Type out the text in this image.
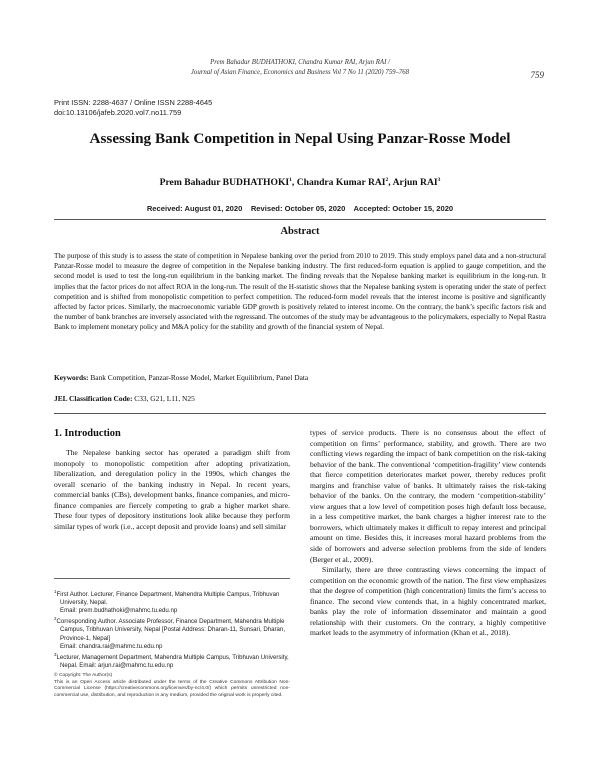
Prem Bahadur BUDHATHOKI, Chandra Kumar RAI, Arjun RAI /
Journal of Asian Finance, Economics and Business Vol 7 No 11 (2020) 759–768	759
Print ISSN: 2288-4637 / Online ISSN 2288-4645
doi:10.13106/jafeb.2020.vol7.no11.759
Assessing Bank Competition in Nepal Using Panzar-Rosse Model
Prem Bahadur BUDHATHOKI$^1$, Chandra Kumar RAI$^2$, Arjun RAI$^3$
Received: August 01, 2020 Revised: October 05, 2020 Accepted: October 15, 2020
Abstract
The purpose of this study is to assess the state of competition in Nepalese banking over the period from 2010 to 2019. This study employs panel data and a non-structural Panzar-Rosse model to measure the degree of competition in the Nepalese banking industry. The first reduced-form equation is applied to gauge competition, and the second model is used to test the long-run equilibrium in the banking market. The finding reveals that the Nepalese banking market is equilibrium in the long-run. It implies that the factor prices do not affect ROA in the long-run. The result of the H-statistic shows that the Nepalese banking system is operating under the state of perfect competition and is shifted from monopolistic competition to perfect competition. The reduced-form model reveals that the interest income is positive and significantly affected by factor prices. Similarly, the macroeconomic variable GDP growth is positively related to interest income. On the contrary, the bank’s specific factors risk and the number of bank branches are inversely associated with the regressand. The outcomes of the study may be advantageous to the policymakers, especially to Nepal Rastra Bank to implement monetary policy and M&A policy for the stability and growth of the financial system of Nepal.
Keywords: Bank Competition, Panzar-Rosse Model, Market Equilibrium, Panel Data
JEL Classification Code: C33, G21, L11, N25
1. Introduction

The Nepalese banking sector has operated a paradigm shift from monopoly to monopolistic competition after adopting privatization, liberalization, and deregulation policy in the 1990s, which changes the overall scenario of the banking industry in Nepal. In recent years, commercial banks (CBs), development banks, finance companies, and micro-finance companies are fiercely competing to grab a higher market share. These four types of depository institutions look alike because they perform similar types of work (i.e., accept deposit and provide loans) and sell similar

types of service products. There is no consensus about the effect of competition on firms’ performance, stability, and growth. There are two conflicting views regarding the impact of bank competition on the risk-taking behavior of the bank. The conventional ‘competition-fragility’ view contends that fierce competition deteriorates market power, thereby reduces profit margins and franchise value of banks. It ultimately raises the risk-taking behavior of the banks. On the contrary, the modern ‘competition-stability’ view argues that a low level of competition poses high default loss because, in a less competitive market, the bank charges a higher interest rate to the borrowers, which ultimately makes it difficult to repay interest and principal amount on time. Besides this, it increases moral hazard problems from the side of borrowers and adverse selection problems from the side of lenders (Berger et al., 2009).

Similarly, there are three contrasting views concerning the impact of competition on the economic growth of the nation. The first view emphasizes that the degree of competition (high concentration) limits the firm’s access to finance. The second view contends that, in a highly concentrated market, banks play the role of information disseminator and maintain a good relationship with their customers. On the contrary, a highly competitive market leads to the asymmetry of information (Khan et al., 2018).

$^1$First Author. Lecturer, Finance Department, Mahendra Multiple Campus, Tribhuvan University, Nepal.
Email: prem.budhathoki@mahmc.tu.edu.np
$^2$Corresponding Author. Associate Professor, Finance Department, Mahendra Multiple Campus, Tribhuvan University, Nepal [Postal Address: Dharan-11, Sunsari, Dharan, Province-1, Nepal]
Email: chandra.rai@mahmc.tu.edu.np
$^3$Lecturer, Management Department, Mahendra Multiple Campus, Tribhuvan University, Nepal. Email: arjun.rai@mahmc.tu.edu.np
© Copyright: The Author(s)
This is an Open Access article distributed under the terms of the Creative Commons Attribution Non-Commercial License (https://creativecommons.org/licenses/by-nc/4.0/) which permits unrestricted non-commercial use, distribution, and reproduction in any medium, provided the original work is properly cited.
